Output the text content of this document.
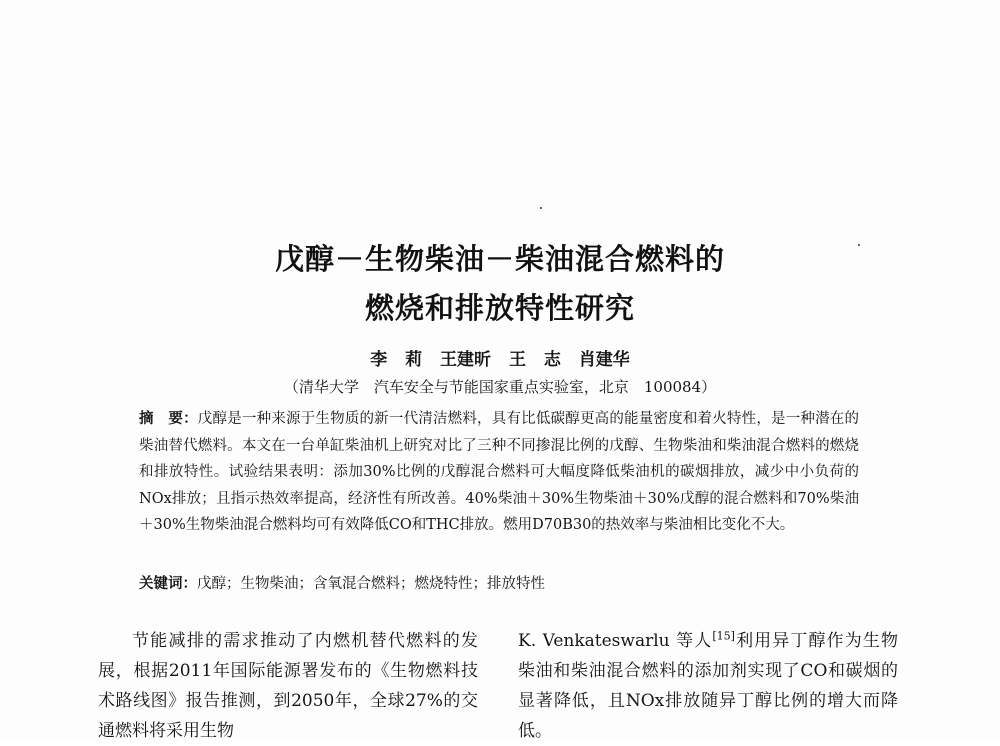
戊醇－生物柴油－柴油混合燃料的
燃烧和排放特性研究
李 莉 王建昕 王 志 肖建华
（清华大学　汽车安全与节能国家重点实验室，北京　100084）
摘　要：戊醇是一种来源于生物质的新一代清洁燃料，具有比低碳醇更高的能量密度和着火特性，是一种潜在的柴油替代燃料。本文在一台单缸柴油机上研究对比了三种不同掺混比例的戊醇、生物柴油和柴油混合燃料的燃烧和排放特性。试验结果表明：添加30%比例的戊醇混合燃料可大幅度降低柴油机的碳烟排放，减少中小负荷的NOx排放；且指示热效率提高，经济性有所改善。40%柴油＋30%生物柴油＋30%戊醇的混合燃料和70%柴油＋30%生物柴油混合燃料均可有效降低CO和THC排放。燃用D70B30的热效率与柴油相比变化不大。
关键词：戊醇；生物柴油；含氧混合燃料；燃烧特性；排放特性
节能减排的需求推动了内燃机替代燃料的发展，根据2011年国际能源署发布的《生物燃料技术路线图》报告推测，到2050年，全球27%的交通燃料将采用生物
K. Venkateswarlu 等人[15]利用异丁醇作为生物柴油和柴油混合燃料的添加剂实现了CO和碳烟的显著降低，且NOx排放随异丁醇比例的增大而降低。
